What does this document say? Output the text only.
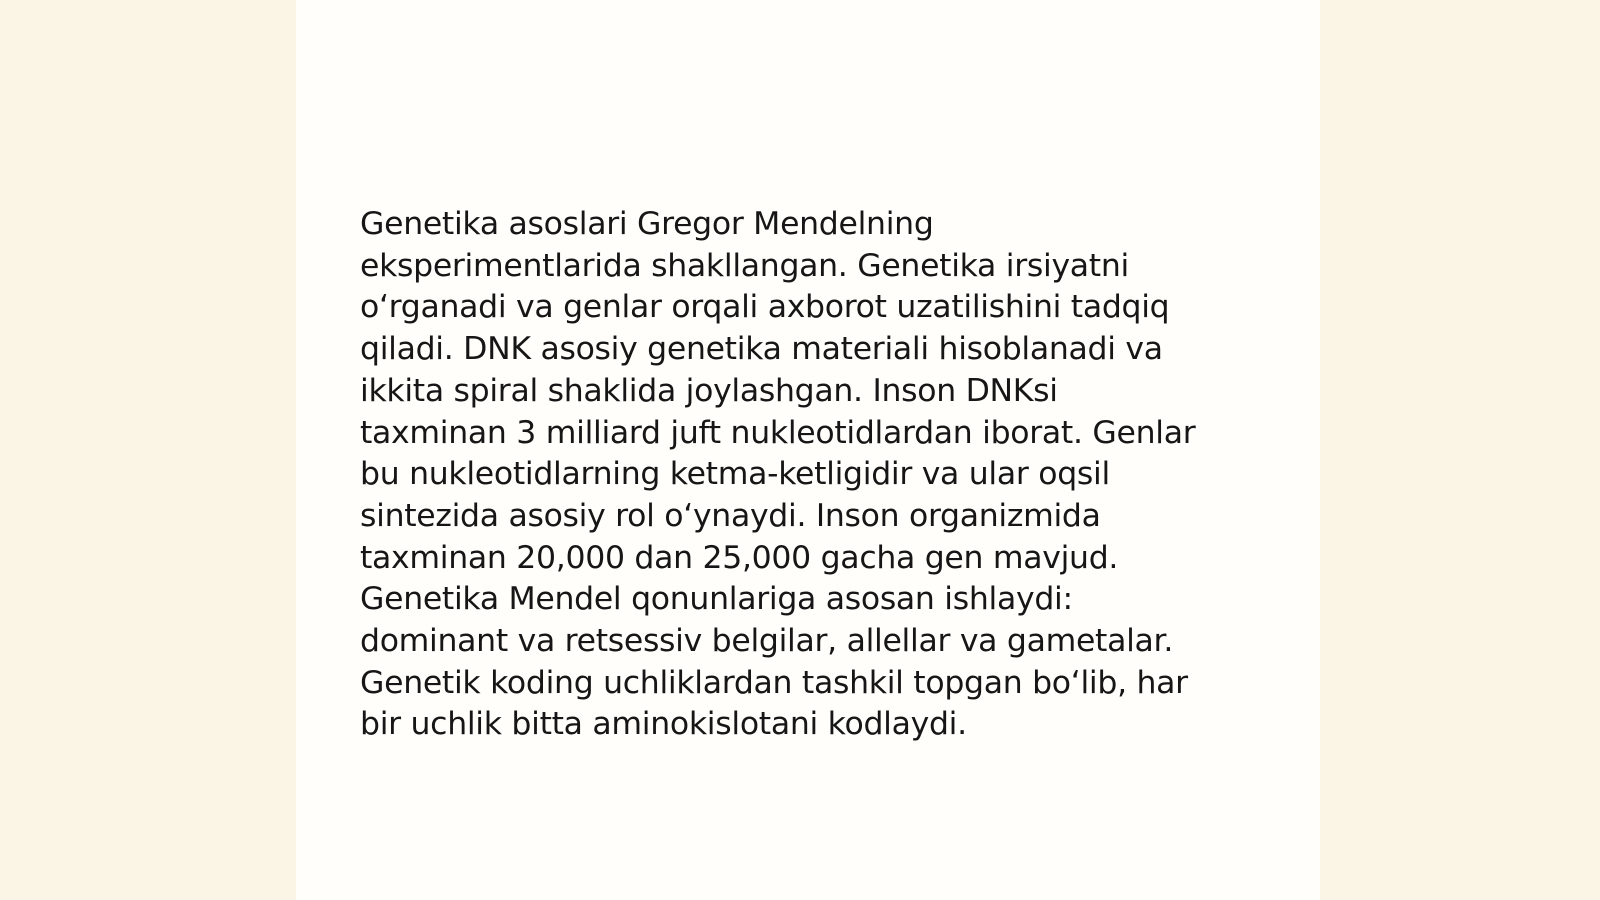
Genetika asoslari Gregor Mendelning
eksperimentlarida shakllangan. Genetika irsiyatni
o‘rganadi va genlar orqali axborot uzatilishini tadqiq
qiladi. DNK asosiy genetika materiali hisoblanadi va
ikkita spiral shaklida joylashgan. Inson DNKsi
taxminan 3 milliard juft nukleotidlardan iborat. Genlar
bu nukleotidlarning ketma-ketligidir va ular oqsil
sintezida asosiy rol o‘ynaydi. Inson organizmida
taxminan 20,000 dan 25,000 gacha gen mavjud.
Genetika Mendel qonunlariga asosan ishlaydi:
dominant va retsessiv belgilar, allellar va gametalar.
Genetik koding uchliklardan tashkil topgan bo‘lib, har
bir uchlik bitta aminokislotani kodlaydi.
